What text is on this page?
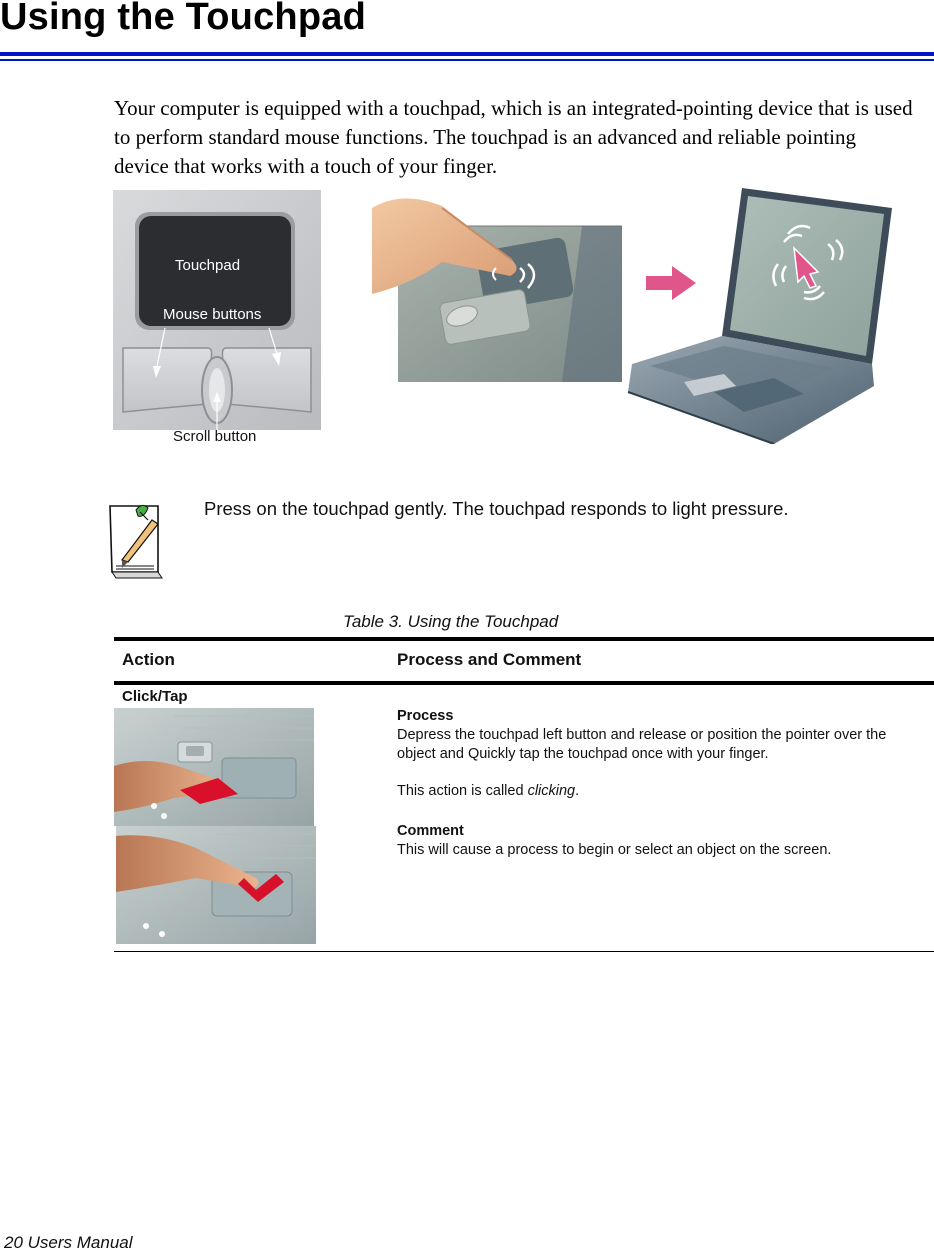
Using the Touchpad
Your computer is equipped with a touchpad, which is an integrated-pointing device that is used to perform standard mouse functions. The touchpad is an advanced and reliable pointing device that works with a touch of your finger.
Touchpad
Mouse buttons
Scroll button
Press on the touchpad gently. The touchpad responds to light pressure.
Table 3. Using the Touchpad
Action	Process and Comment
Click/Tap
Process
Depress the touchpad left button and release or position the pointer over the object and Quickly tap the touchpad once with your finger.
This action is called clicking.
Comment
This will cause a process to begin or select an object on the screen.
20 Users Manual
